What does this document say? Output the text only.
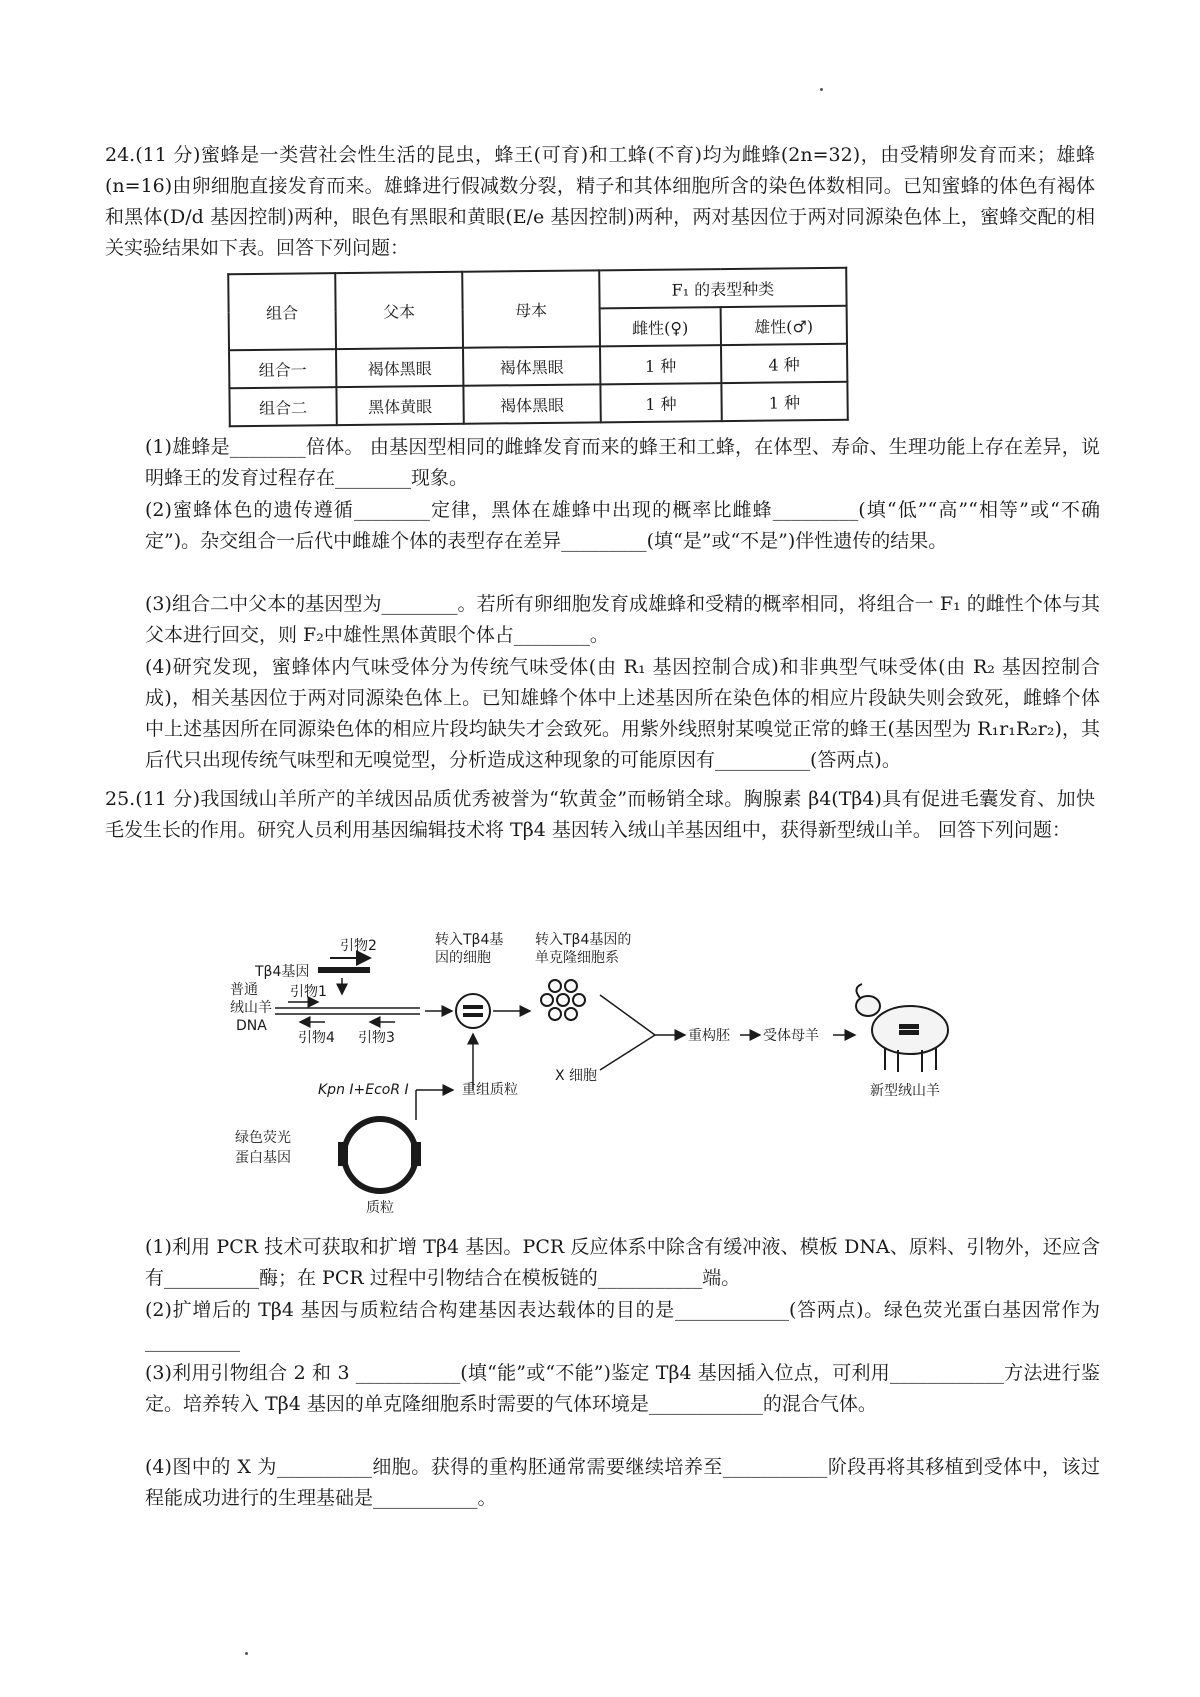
24.(11 分)蜜蜂是一类营社会性生活的昆虫，蜂王(可育)和工蜂(不育)均为雌蜂(2n=32)，由受精卵发育而来；雄蜂(n=16)由卵细胞直接发育而来。雄蜂进行假减数分裂，精子和其体细胞所含的染色体数相同。已知蜜蜂的体色有褐体和黑体(D/d 基因控制)两种，眼色有黑眼和黄眼(E/e 基因控制)两种，两对基因位于两对同源染色体上，蜜蜂交配的相关实验结果如下表。回答下列问题：
组合	父本	母本	F₁ 的表型种类	
			雌性(♀)	雄性(♂)
组合一	褐体黑眼	褐体黑眼	1 种	4 种
组合二	黑体黄眼	褐体黑眼	1 种	1 种
(1)雄蜂是________倍体。 由基因型相同的雌蜂发育而来的蜂王和工蜂，在体型、寿命、生理功能上存在差异，说明蜂王的发育过程存在________现象。
(2)蜜蜂体色的遗传遵循________定律，黑体在雄蜂中出现的概率比雌蜂_________(填“低”“高”“相等”或“不确定”)。杂交组合一后代中雌雄个体的表型存在差异_________(填“是”或“不是”)伴性遗传的结果。
(3)组合二中父本的基因型为________。若所有卵细胞发育成雄蜂和受精的概率相同，将组合一 F₁ 的雌性个体与其父本进行回交，则 F₂中雄性黑体黄眼个体占________。
(4)研究发现，蜜蜂体内气味受体分为传统气味受体(由 R₁ 基因控制合成)和非典型气味受体(由 R₂ 基因控制合成)，相关基因位于两对同源染色体上。已知雄蜂个体中上述基因所在染色体的相应片段缺失则会致死，雌蜂个体中上述基因所在同源染色体的相应片段均缺失才会致死。用紫外线照射某嗅觉正常的蜂王(基因型为 R₁r₁R₂r₂)，其后代只出现传统气味型和无嗅觉型，分析造成这种现象的可能原因有__________(答两点)。
25.(11 分)我国绒山羊所产的羊绒因品质优秀被誉为“软黄金”而畅销全球。胸腺素 β4(Tβ4)具有促进毛囊发育、加快毛发生长的作用。研究人员利用基因编辑技术将 Tβ4 基因转入绒山羊基因组中，获得新型绒山羊。 回答下列问题：
引物2
Tβ4基因
引物1
普通
绒山羊
DNA
引物4 引物3
转入Tβ4基
因的细胞
转入Tβ4基因的
单克隆细胞系
X 细胞
重构胚 受体母羊
新型绒山羊
Kpn Ⅰ+EcoR Ⅰ	重组质粒
绿色荧光
蛋白基因
质粒
(1)利用 PCR 技术可获取和扩增 Tβ4 基因。PCR 反应体系中除含有缓冲液、模板 DNA、原料、引物外，还应含有__________酶；在 PCR 过程中引物结合在模板链的___________端。
(2)扩增后的 Tβ4 基因与质粒结合构建基因表达载体的目的是____________(答两点)。绿色荧光蛋白基因常作为__________
(3)利用引物组合 2 和 3 ___________(填“能”或“不能”)鉴定 Tβ4 基因插入位点，可利用____________方法进行鉴定。培养转入 Tβ4 基因的单克隆细胞系时需要的气体环境是____________的混合气体。
(4)图中的 X 为__________细胞。获得的重构胚通常需要继续培养至___________阶段再将其移植到受体中，该过程能成功进行的生理基础是___________。
